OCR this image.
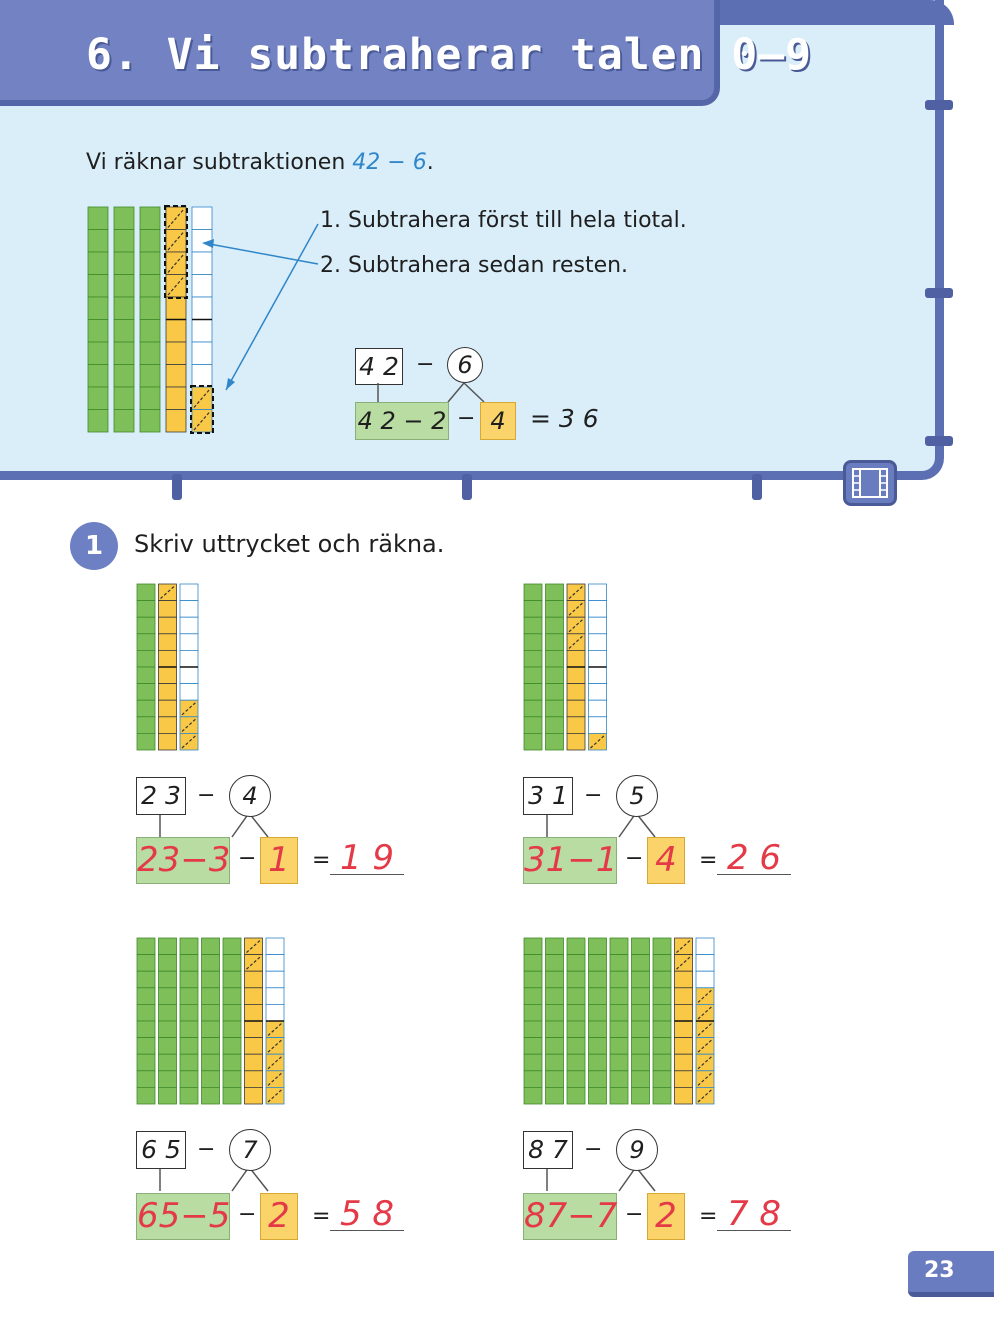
6. Vi subtraherar talen 0–9
Vi räknar subtraktionen 42 − 6.
1. Subtrahera först till hela tiotal.
2. Subtrahera sedan resten.
4 2 − 6
4 2 − 2 − 4 = 3 6
1	Skriv uttrycket och räkna.
2 3 −	4
23−3 − 1	= 1 9
3 1 −	5
31−1 − 4	= 2 6
6 5 −	7
65−5 − 2	= 5 8
8 7 −	9
87−7 − 2	= 7 8
23
